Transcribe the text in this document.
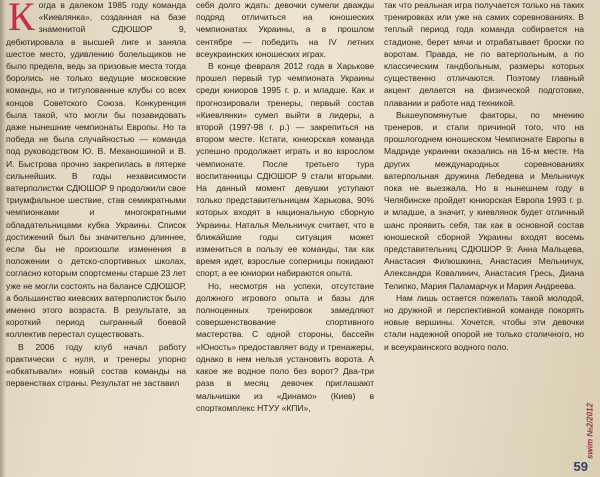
Когда в далеком 1985 году команда «Киевлянка», созданная на базе знаменитой СДЮШОР 9, дебютировала в высшей лиге и заняла шестое место, удивлению болельщиков не было предела, ведь за призовые места тогда боролись не только ведущие московские команды, но и титулованные клубы со всех концов Советского Союза. Конкуренция была такой, что могли бы позавидовать даже нынешние чемпионаты Европы. Но та победа не была случайностью — команда под руководством Ю. В. Механошиной и В. И. Быстрова прочно закрепилась в пятерке сильнейших. В годы независимости ватерполистки СДЮШОР 9 продолжили свое триумфальное шествие, став семикратными чемпионками и многократными обладательницами кубка Украины. Список достижений был бы значительно длиннее, если бы не произошли изменения в положении о детско-спортивных школах, согласно которым спортсмены старше 23 лет уже не могли состоять на балансе СДЮШОР, а большинство киевских ватерполисток было именно этого возраста. В результате, за короткий период сыгранный боевой коллектив перестал существовать.

В 2006 году клуб начал работу практически с нуля, и тренеры упорно «обкатывали» новый состав команды на первенствах страны. Результат не заставил

себя долго ждать: девочки сумели дважды подряд отличиться на юношеских чемпионатах Украины, а в прошлом сентябре — победить на IV летних всеукраинских юношеских играх.

В конце февраля 2012 года в Харькове прошел первый тур чемпионата Украины среди юниоров 1995 г. р. и младше. Как и прогнозировали тренеры, первый состав «Киевлянки» сумел выйти в лидеры, а второй (1997-98 г. р.) — закрепиться на втором месте. Кстати, юниорская команда успешно продолжает играть и во взрослом чемпионате. После третьего тура воспитанницы СДЮШОР 9 стали вторыми. На данный момент девушки уступают только представительницам Харькова, 90% которых входят в национальную сборную Украины. Наталья Мельничук считает, что в ближайшие годы ситуация может измениться в пользу ее команды, так как время идет, взрослые соперницы покидают спорт, а ее юниорки набираются опыта.

Но, несмотря на успехи, отсутствие должного игрового опыта и базы для полноценных тренировок замедляют совершенствование спортивного мастерства. С одной стороны, бассейн «Юность» предоставляет воду и тренажеры, однако в нем нельзя установить ворота. А какое же водное поло без ворот? Два-три раза в месяц девочек приглашают мальчишки из «Динамо» (Киев) в спорткомплекс НТУУ «КПИ»,

так что реальная игра получается только на таких тренировках или уже на самих соревнованиях. В теплый период года команда собирается на стадионе, берет мячи и отрабатывает броски по воротам. Правда, не по ватерпольным, а по классическим гандбольным, размеры которых существенно отличаются. Поэтому главный акцент делается на физической подготовке, плавании и работе над техникой.

Вышеупомянутые факторы, по мнению тренеров, и стали причиной того, что на прошлогоднем юношеском Чемпионате Европы в Мадриде украинки оказались на 16-м месте. На других международных соревнованиях ватерпольная дружина Лебедева и Мельничук пока не выезжала. Но в нынешнем году в Челябинске пройдет юниорская Европа 1993 г. р. и младше, а значит, у киевлянок будет отличный шанс проявить себя, так как в основной состав юношеской сборной Украины входят восемь представительниц СДЮШОР 9: Анна Мальцева, Анастасия Филюшкина, Анастасия Мельничук, Александра Ковалинич, Анастасия Гресь, Диана Телипко, Мария Паламарчук и Мария Андреева.

Нам лишь остается пожелать такой молодой, но дружной и перспективной команде покорять новые вершины. Хочется, чтобы эти девочки стали надежной опорой не только столичного, но и всеукраинского водного поло.

swim №2/2012
59
